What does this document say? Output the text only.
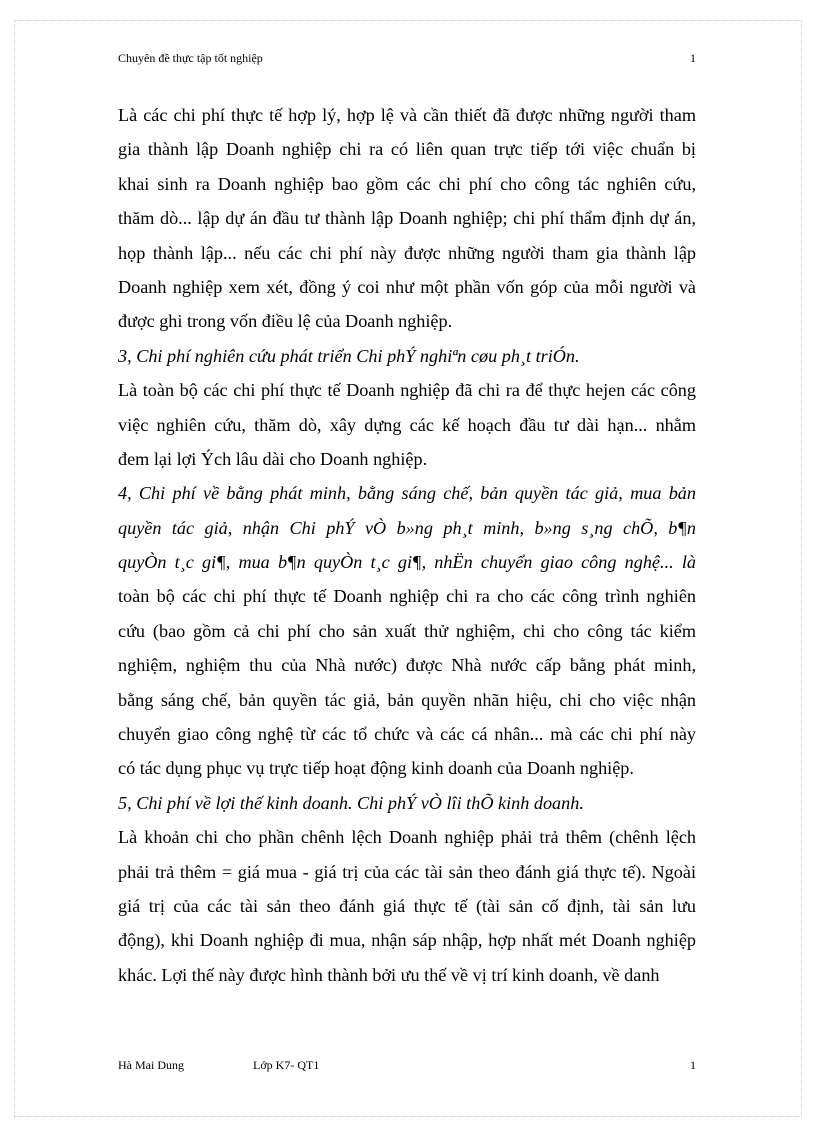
Chuyên đề thực tập tốt nghiệp	1
Là các chi phí thực tế hợp lý, hợp lệ và cần thiết đã được những người tham
gia thành lập Doanh nghiệp chi ra có liên quan trực tiếp tới việc chuẩn bị
khai sinh ra Doanh nghiệp bao gồm các chi phí cho công tác nghiên cứu,
thăm dò... lập dự án đầu tư thành lập Doanh nghiệp; chi phí thẩm định dự án,
họp thành lập... nếu các chi phí này được những người tham gia thành lập
Doanh nghiệp xem xét, đồng ý coi như một phần vốn góp của mỗi người và
được ghi trong vốn điều lệ của Doanh nghiệp.
3, Chi phí nghiên cứu phát triển Chi phÝ nghiªn cøu ph¸t triÓn.
Là toàn bộ các chi phí thực tế Doanh nghiệp đã chi ra để thực hejen các công
việc nghiên cứu, thăm dò, xây dựng các kế hoạch đầu tư dài hạn... nhằm
đem lại lợi Ých lâu dài cho Doanh nghiệp.
4, Chi phí về bằng phát minh, bằng sáng chế, bản quyền tác giả, mua bản
quyền tác giả, nhận Chi phÝ vÒ b»ng ph¸t minh, b»ng s¸ng chÕ, b¶n
quyÒn t¸c gi¶, mua b¶n quyÒn t¸c gi¶, nhËn chuyển giao công nghệ... là
toàn bộ các chi phí thực tế Doanh nghiệp chi ra cho các công trình nghiên
cứu (bao gồm cả chi phí cho sản xuất thử nghiệm, chi cho công tác kiểm
nghiệm, nghiệm thu của Nhà nước) được Nhà nước cấp bằng phát minh,
bằng sáng chế, bản quyền tác giả, bản quyền nhãn hiệu, chi cho việc nhận
chuyển giao công nghệ từ các tổ chức và các cá nhân... mà các chi phí này
có tác dụng phục vụ trực tiếp hoạt động kinh doanh của Doanh nghiệp.
5, Chi phí về lợi thế kinh doanh. Chi phÝ vÒ lîi thÕ kinh doanh.
Là khoản chi cho phần chênh lệch Doanh nghiệp phải trả thêm (chênh lệch
phải trả thêm = giá mua - giá trị của các tài sản theo đánh giá thực tế). Ngoài
giá trị của các tài sản theo đánh giá thực tế (tài sản cố định, tài sản lưu
động), khi Doanh nghiệp đi mua, nhận sáp nhập, hợp nhất mét Doanh nghiệp
khác. Lợi thế này được hình thành bởi ưu thế về vị trí kinh doanh, về danh
Hà Mai Dung	Lớp K7- QT1	1
